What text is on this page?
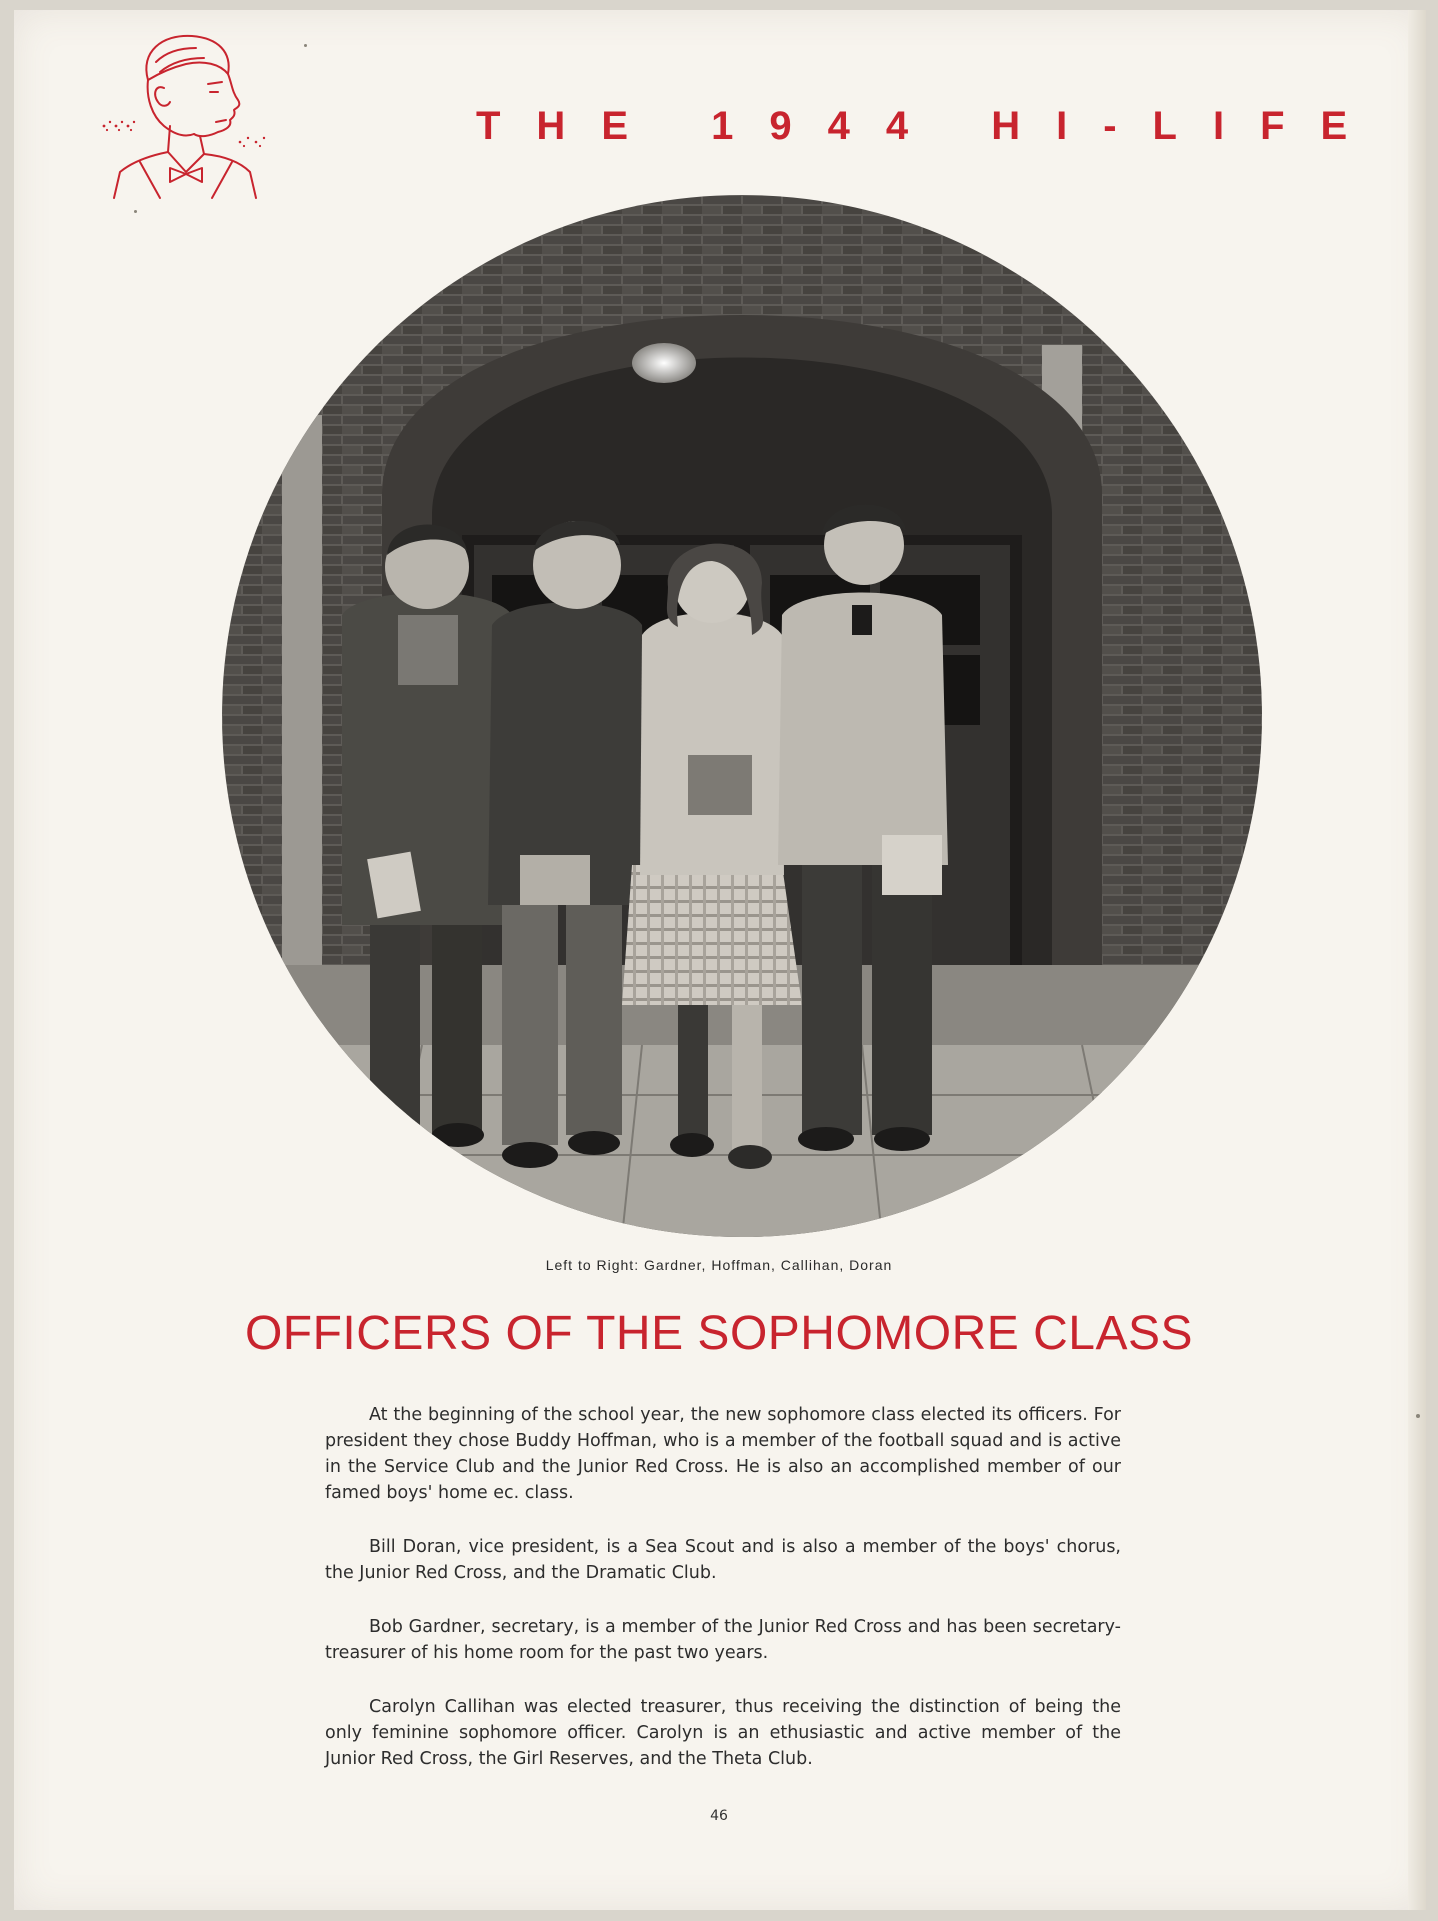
THE 1944 HI-LIFE

Left to Right: Gardner, Hoffman, Callihan, Doran

OFFICERS OF THE SOPHOMORE CLASS

At the beginning of the school year, the new sophomore class elected its officers. For president they chose Buddy Hoffman, who is a member of the football squad and is active in the Service Club and the Junior Red Cross. He is also an accomplished member of our famed boys' home ec. class.

Bill Doran, vice president, is a Sea Scout and is also a member of the boys' chorus, the Junior Red Cross, and the Dramatic Club.

Bob Gardner, secretary, is a member of the Junior Red Cross and has been secretary-treasurer of his home room for the past two years.

Carolyn Callihan was elected treasurer, thus receiving the distinction of being the only feminine sophomore officer. Carolyn is an ethusiastic and active member of the Junior Red Cross, the Girl Reserves, and the Theta Club.

46
